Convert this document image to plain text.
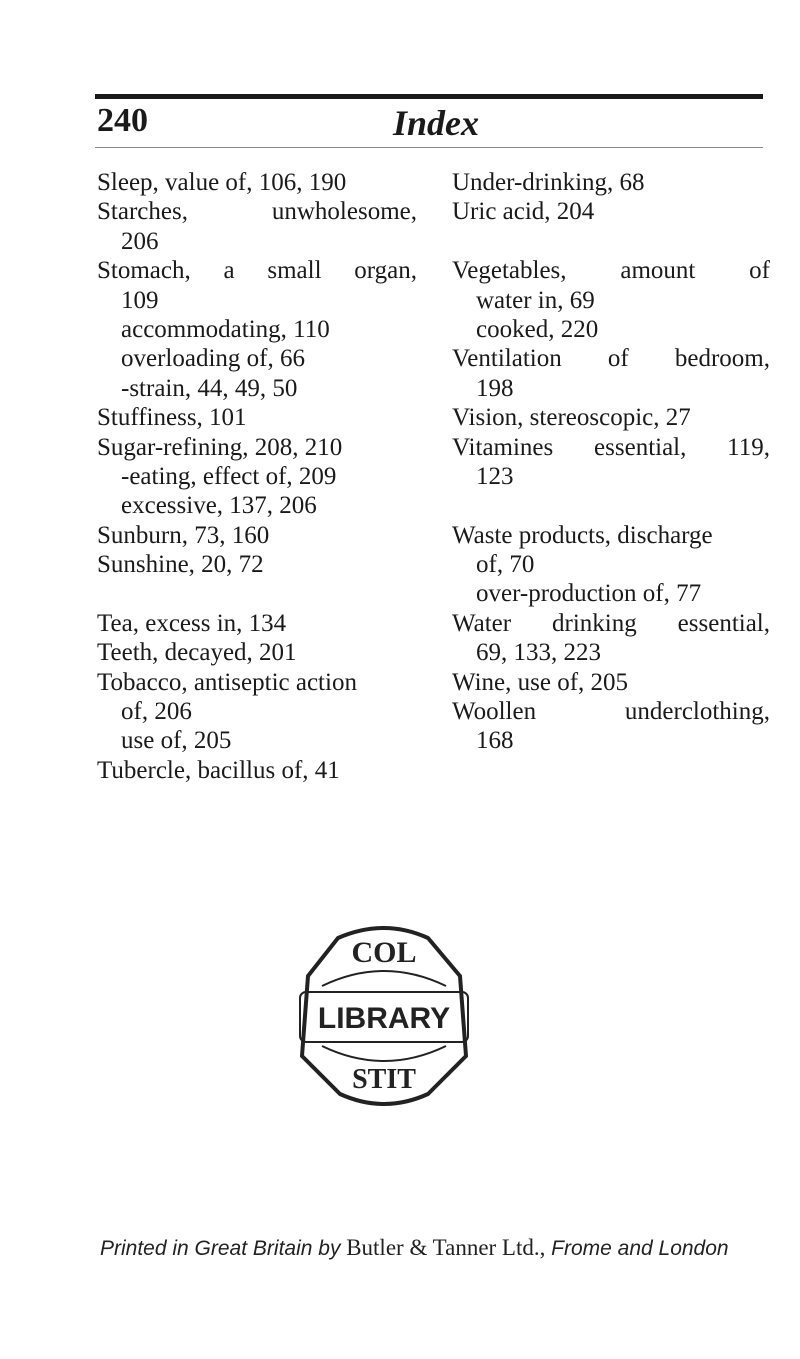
240	Index
Sleep, value of, 106, 190
Starches, unwholesome,
206
Stomach, a small organ,
109
accommodating, 110
overloading of, 66
-strain, 44, 49, 50
Stuffiness, 101
Sugar-refining, 208, 210
-eating, effect of, 209
excessive, 137, 206
Sunburn, 73, 160
Sunshine, 20, 72
Tea, excess in, 134
Teeth, decayed, 201
Tobacco, antiseptic action
of, 206
use of, 205
Tubercle, bacillus of, 41
Under-drinking, 68
Uric acid, 204
Vegetables, amount of
water in, 69
cooked, 220
Ventilation of bedroom,
198
Vision, stereoscopic, 27
Vitamines essential, 119,
123
Waste products, discharge
of, 70
over-production of, 77
Water drinking essential,
69, 133, 223
Wine, use of, 205
Woollen underclothing,
168
COL
LIBRARY
STIT
Printed in Great Britain by Butler & Tanner Ltd., Frome and London
